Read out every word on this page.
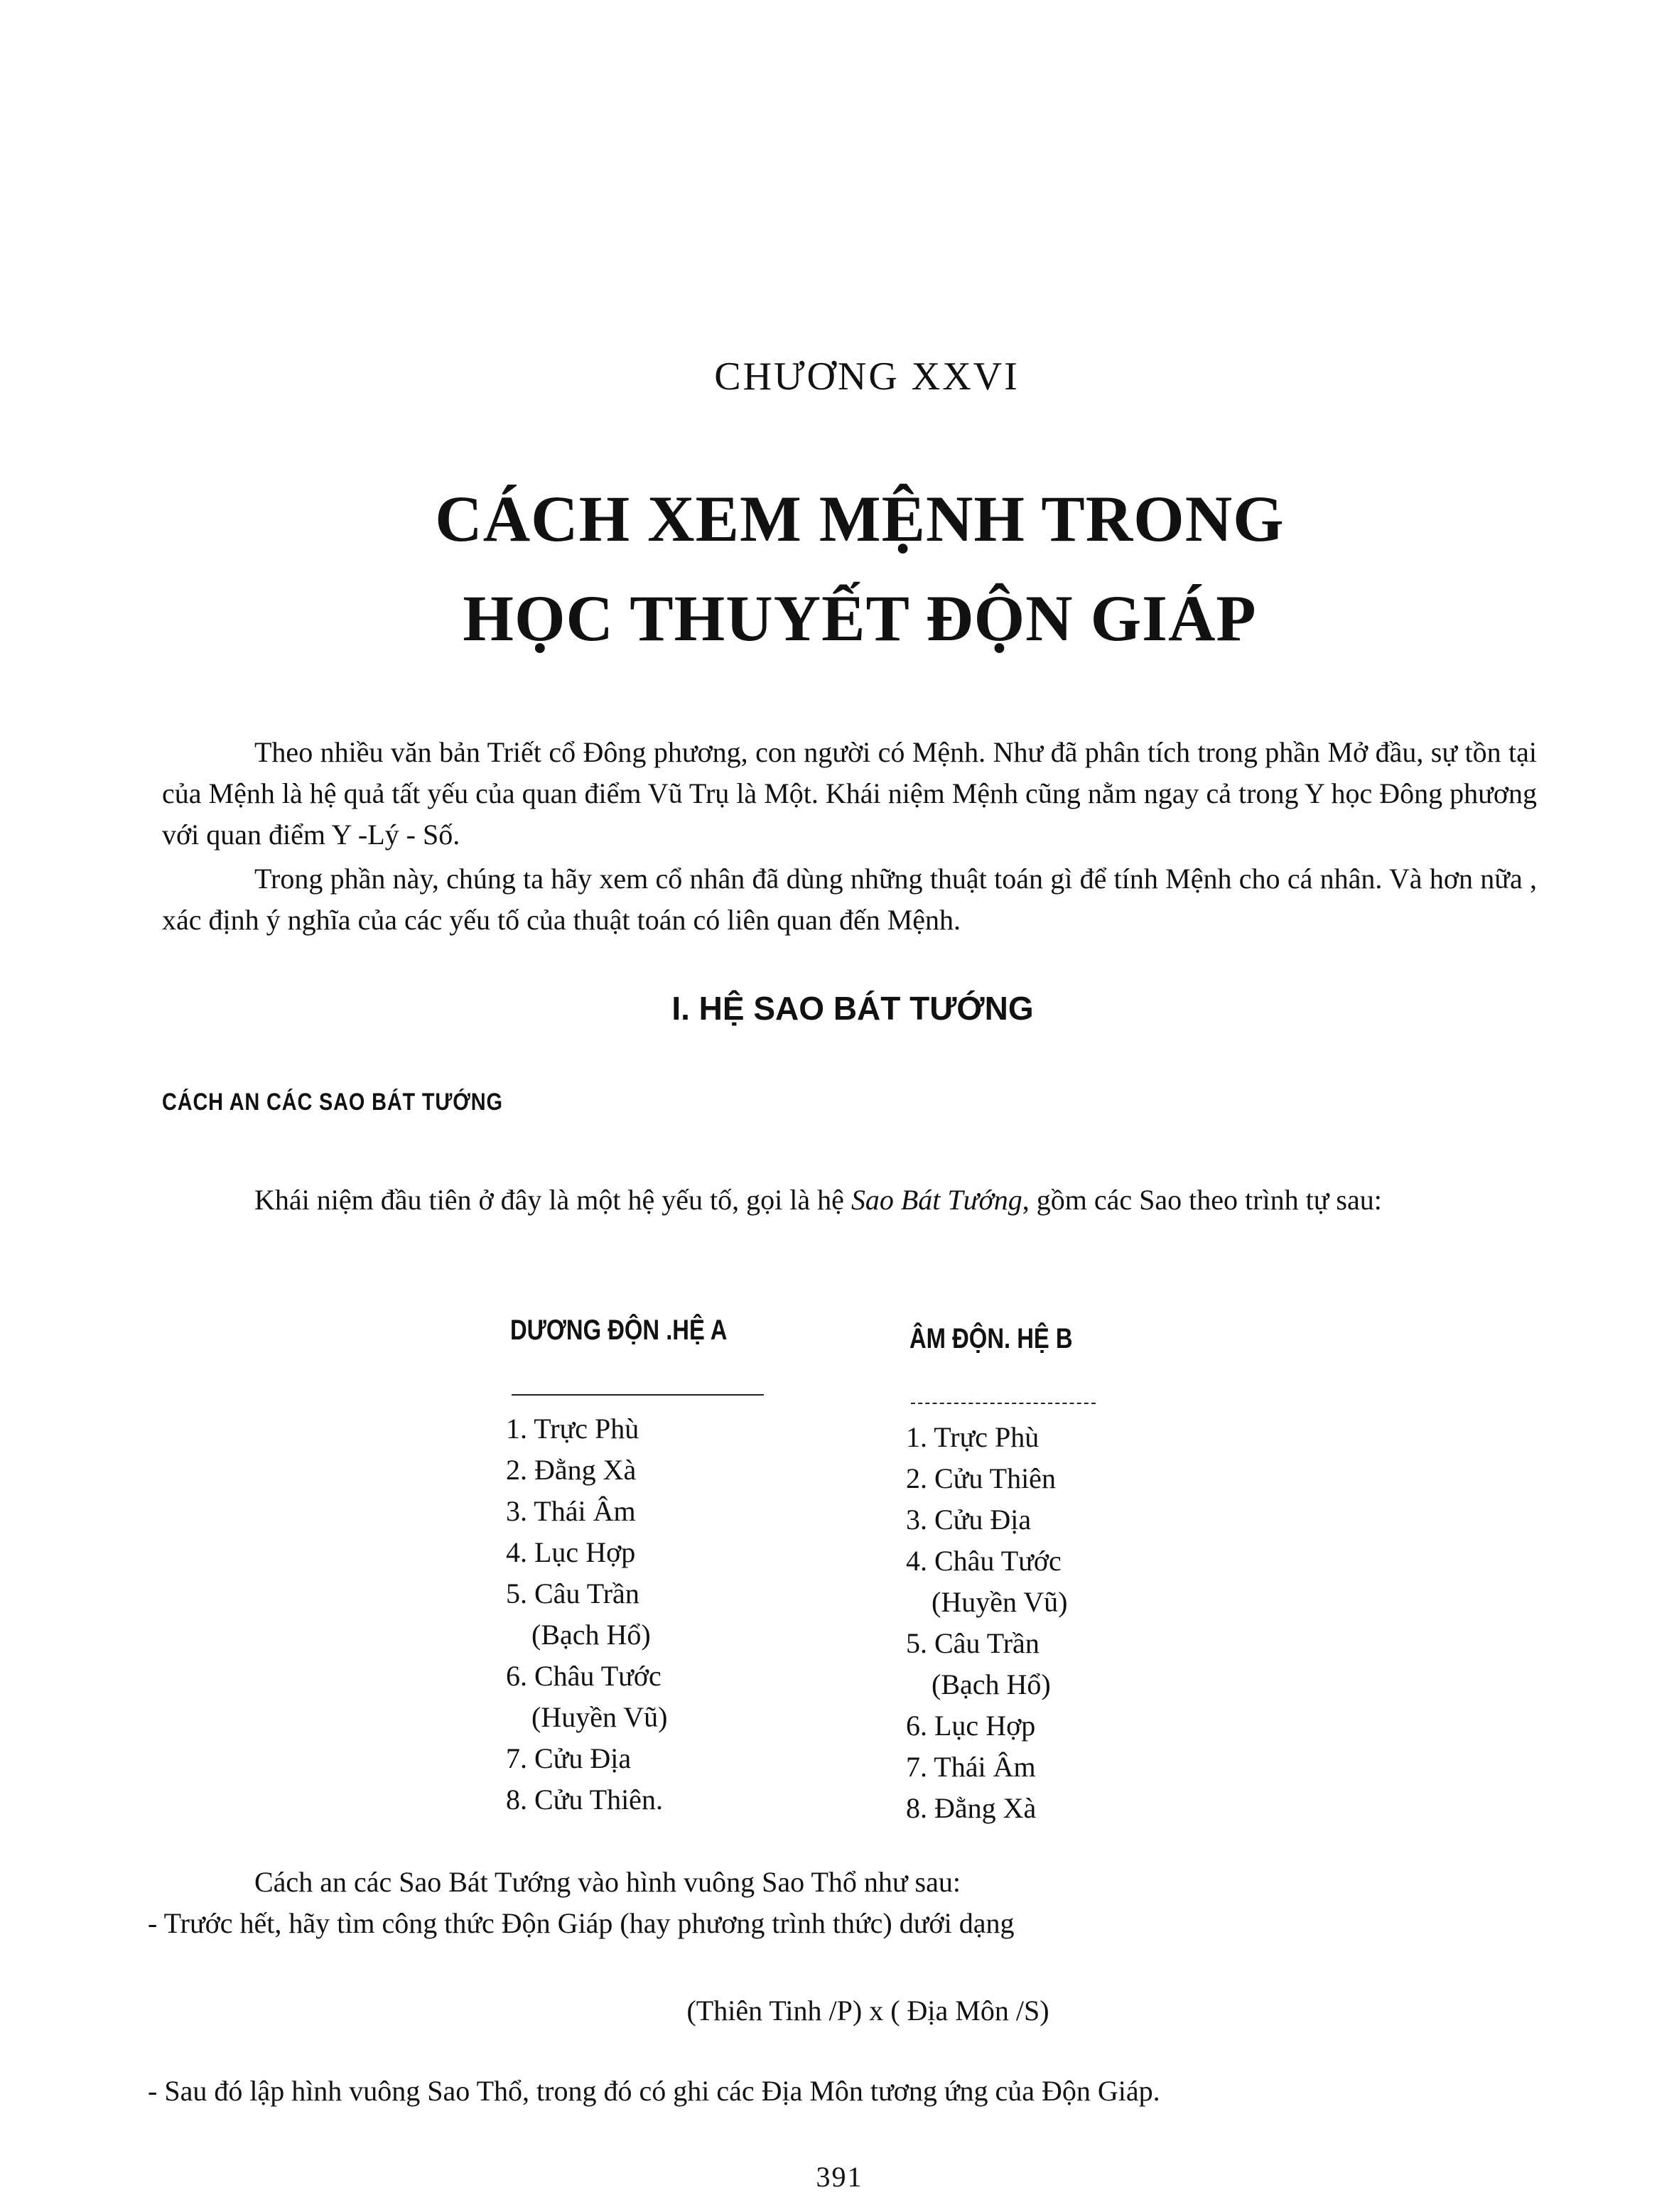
CHƯƠNG XXVI
CÁCH XEM MỆNH TRONG
HỌC THUYẾT ĐỘN GIÁP
Theo nhiều văn bản Triết cổ Đông phương, con người có Mệnh. Như đã phân tích trong phần Mở đầu, sự tồn tại của Mệnh là hệ quả tất yếu của quan điểm Vũ Trụ là Một. Khái niệm Mệnh cũng nằm ngay cả trong Y học Đông phương với quan điểm Y -Lý - Số.
Trong phần này, chúng ta hãy xem cổ nhân đã dùng những thuật toán gì để tính Mệnh cho cá nhân. Và hơn nữa , xác định ý nghĩa của các yếu tố của thuật toán có liên quan đến Mệnh.
I. HỆ SAO BÁT TƯỚNG
CÁCH AN CÁC SAO BÁT TƯỚNG
Khái niệm đầu tiên ở đây là một hệ yếu tố, gọi là hệ Sao Bát Tướng, gồm các Sao theo trình tự sau:
DƯƠNG ĐỘN .HỆ A
1. Trực Phù
2. Đằng Xà
3. Thái Âm
4. Lục Hợp
5. Câu Trần
(Bạch Hổ)
6. Châu Tước
(Huyền Vũ)
7. Cửu Địa
8. Cửu Thiên.
ÂM ĐỘN. HỆ B
1. Trực Phù
2. Cửu Thiên
3. Cửu Địa
4. Châu Tước
(Huyền Vũ)
5. Câu Trần
(Bạch Hổ)
6. Lục Hợp
7. Thái Âm
8. Đằng Xà
Cách an các Sao Bát Tướng vào hình vuông Sao Thổ như sau:
- Trước hết, hãy tìm công thức Độn Giáp (hay phương trình thức) dưới dạng
(Thiên Tinh /P) x ( Địa Môn /S)
- Sau đó lập hình vuông Sao Thổ, trong đó có ghi các Địa Môn tương ứng của Độn Giáp.
391
